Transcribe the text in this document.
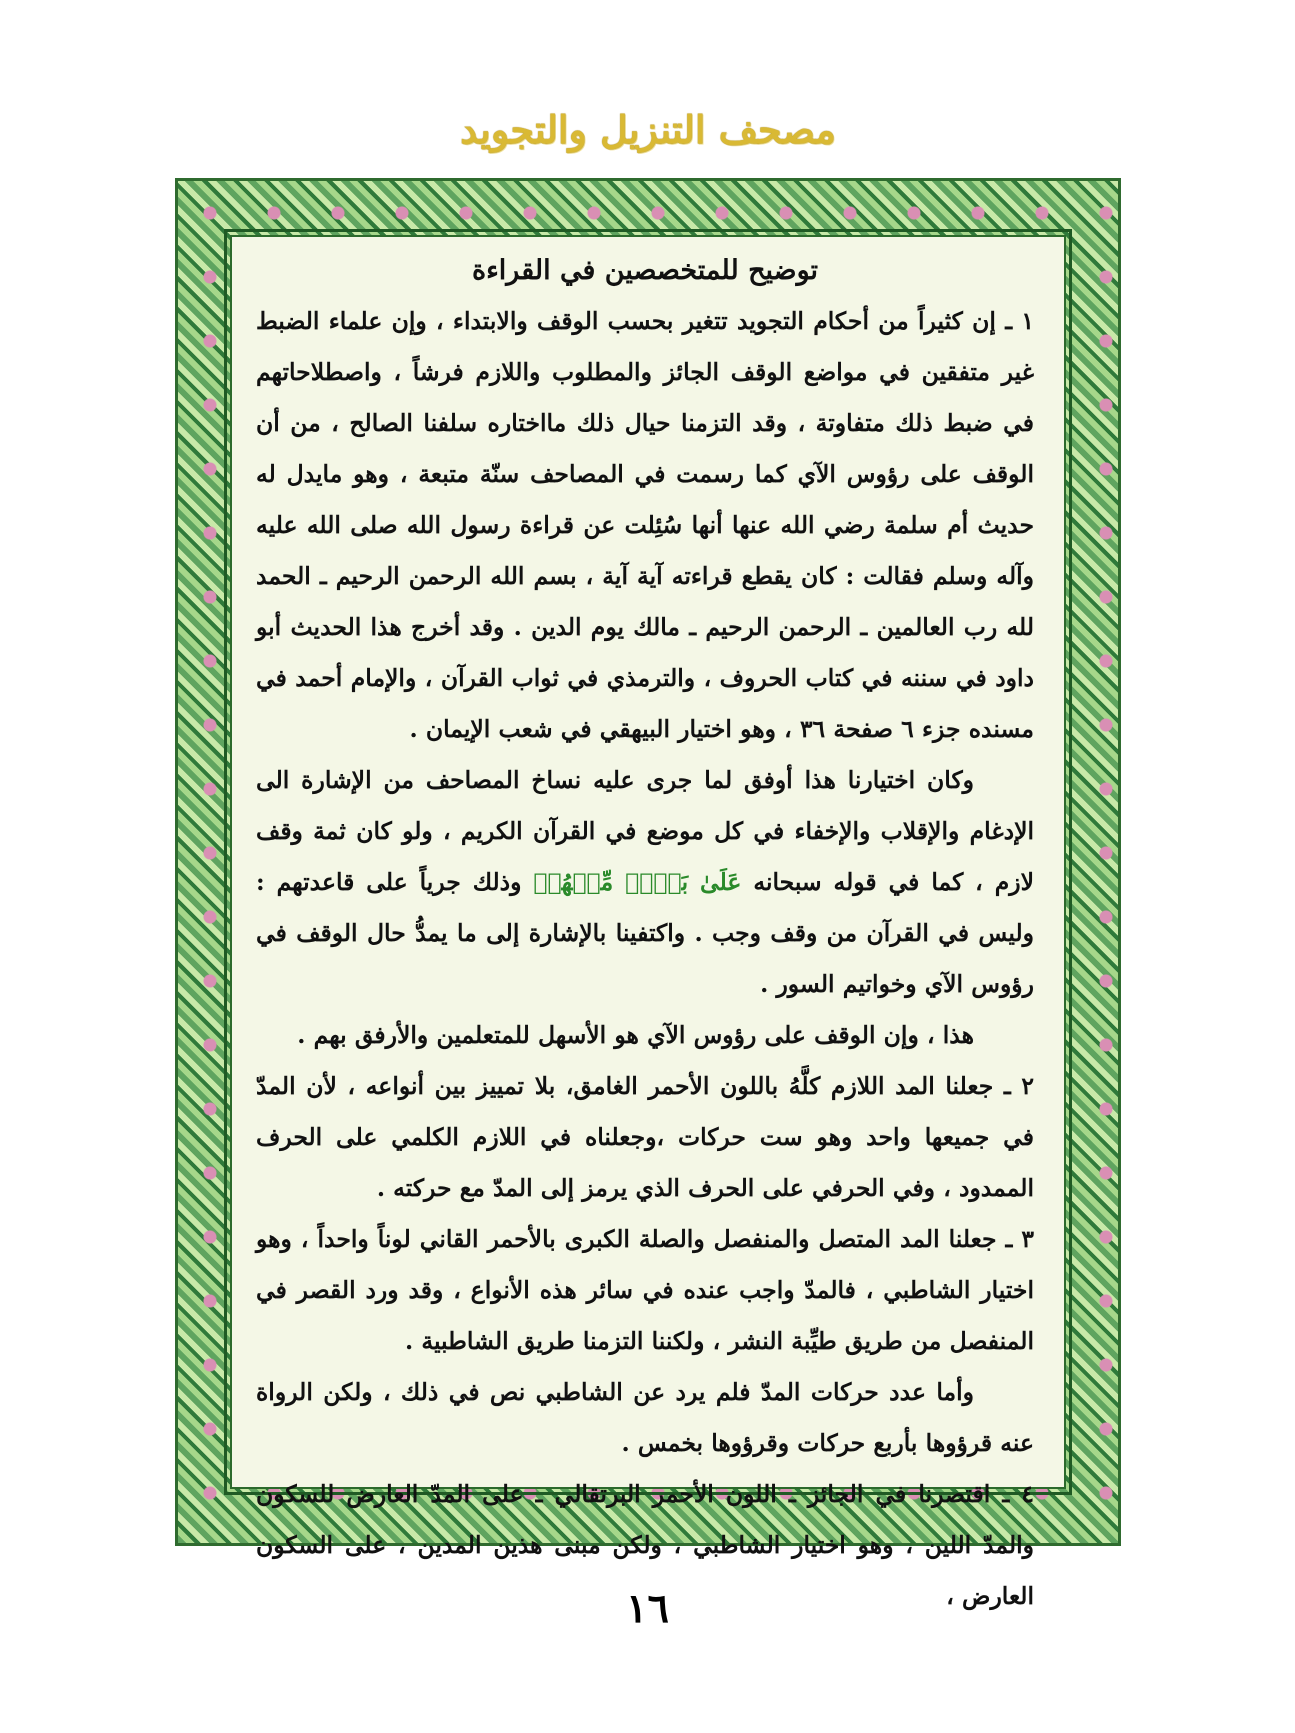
مصحف التنزيل والتجويد
توضيح للمتخصصين في القراءة

١ ـ إن كثيراً من أحكام التجويد تتغير بحسب الوقف والابتداء ، وإن علماء الضبط غير متفقين في مواضع الوقف الجائز والمطلوب واللازم فرشاً ، واصطلاحاتهم في ضبط ذلك متفاوتة ، وقد التزمنا حيال ذلك مااختاره سلفنا الصالح ، من أن الوقف على رؤوس الآي كما رسمت في المصاحف سنّة متبعة ، وهو مايدل له حديث أم سلمة رضي الله عنها أنها سُئِلت عن قراءة رسول الله صلى الله عليه وآله وسلم فقالت : كان يقطع قراءته آية آية ، بسم الله الرحمن الرحيم ـ الحمد لله رب العالمين ـ الرحمن الرحيم ـ مالك يوم الدين . وقد أخرج هذا الحديث أبو داود في سننه في كتاب الحروف ، والترمذي في ثواب القرآن ، والإمام أحمد في مسنده جزء ٦ صفحة ٣٦ ، وهو اختيار البيهقي في شعب الإيمان .

وكان اختيارنا هذا أوفق لما جرى عليه نساخ المصاحف من الإشارة الى الإدغام والإقلاب والإخفاء في كل موضع في القرآن الكريم ، ولو كان ثمة وقف لازم ، كما في قوله سبحانه عَلَىٰ بَعۡضٖ مِّنۡهُمۡ وذلك جرياً على قاعدتهم : وليس في القرآن من وقف وجب . واكتفينا بالإشارة إلى ما يمدُّ حال الوقف في رؤوس الآي وخواتيم السور .

هذا ، وإن الوقف على رؤوس الآي هو الأسهل للمتعلمين والأرفق بهم .

٢ ـ جعلنا المد اللازم كلَّهُ باللون الأحمر الغامق، بلا تمييز بين أنواعه ، لأن المدّ في جميعها واحد وهو ست حركات ،وجعلناه في اللازم الكلمي على الحرف الممدود ، وفي الحرفي على الحرف الذي يرمز إلى المدّ مع حركته .

٣ ـ جعلنا المد المتصل والمنفصل والصلة الكبرى بالأحمر القاني لوناً واحداً ، وهو اختيار الشاطبي ، فالمدّ واجب عنده في سائر هذه الأنواع ، وقد ورد القصر في المنفصل من طريق طيِّبة النشر ، ولكننا التزمنا طريق الشاطبية .

وأما عدد حركات المدّ فلم يرد عن الشاطبي نص في ذلك ، ولكن الرواة عنه قرؤوها بأربع حركات وقرؤوها بخمس .

٤ ـ اقتصرنا في الجائز ـ اللون الأحمر البرتقالي ـ على المدّ العارض للسكون والمدّ اللين ، وهو اختيار الشاطبي ، ولكن مبنى هذين المدين ، على السكون العارض ،

١٦
